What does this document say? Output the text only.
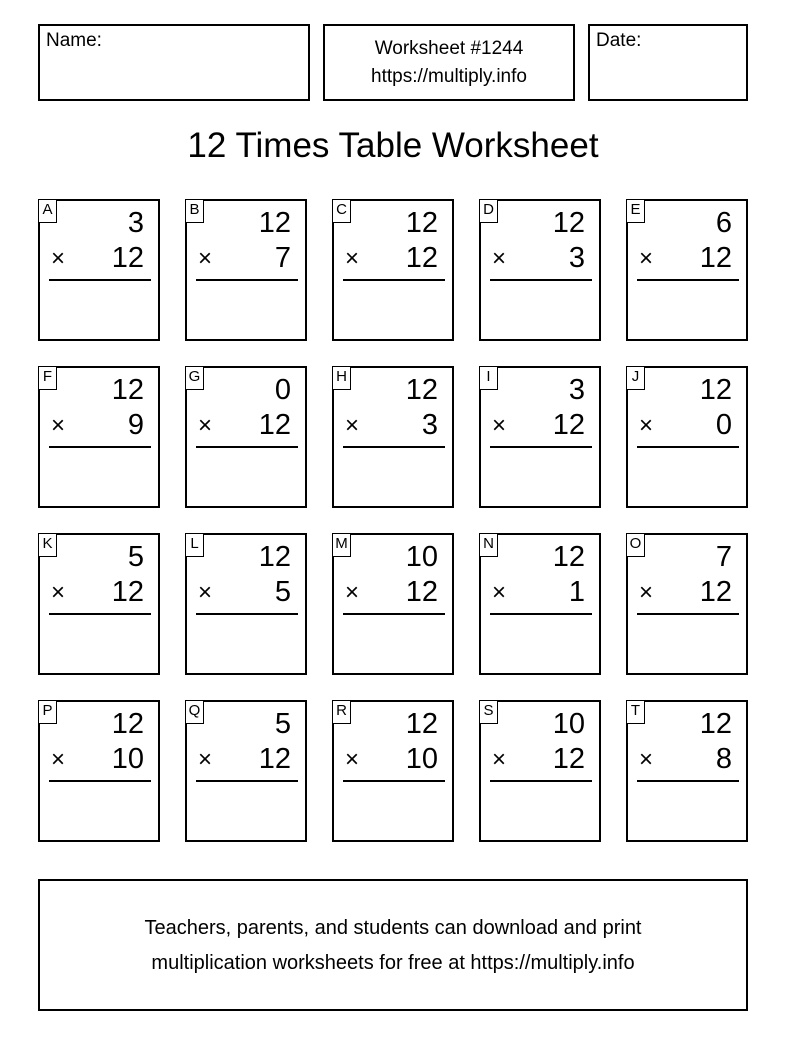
Name:	Worksheet #1244
https://multiply.info
Date:
12 Times Table Worksheet
A	3
× 12
B 12
× 7
C 12
× 12
D 12
× 3
E	6
× 12
F 12
× 9
G	0
× 12
H 12
× 3
I	3
× 12
J 12
× 0
K	5
× 12
L 12
× 5
M 10
× 12
N 12
× 1
O	7
× 12
P 12
× 10
Q	5
× 12
R 12
× 10
S 10
× 12
T 12
× 8
Teachers, parents, and students can download and print
multiplication worksheets for free at https://multiply.info
